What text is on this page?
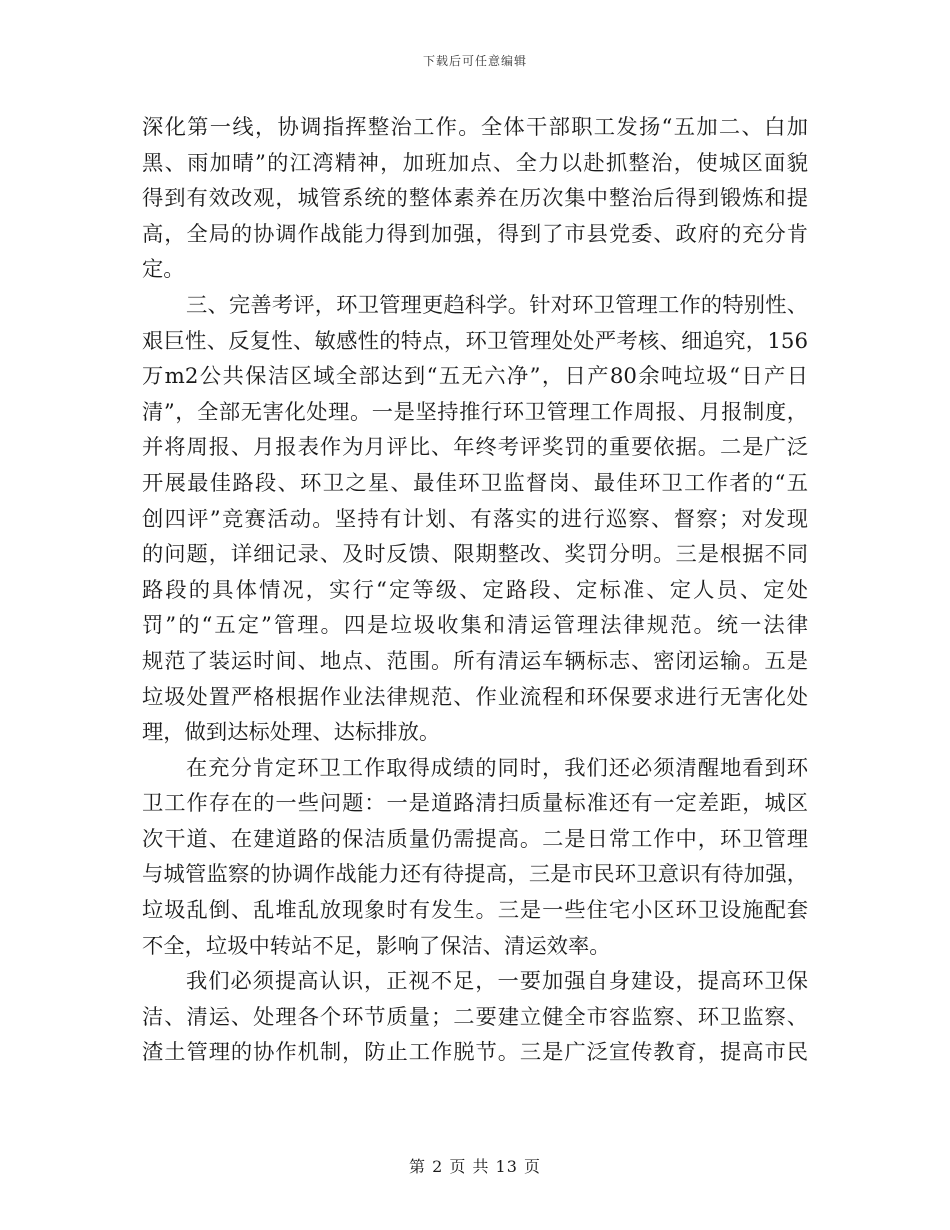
下载后可任意编辑
深化第一线，协调指挥整治工作。全体干部职工发扬“五加二、白加
黑、雨加晴”的江湾精神，加班加点、全力以赴抓整治，使城区面貌
得到有效改观，城管系统的整体素养在历次集中整治后得到锻炼和提
高，全局的协调作战能力得到加强，得到了市县党委、政府的充分肯
定。
三、完善考评，环卫管理更趋科学。针对环卫管理工作的特别性、
艰巨性、反复性、敏感性的特点，环卫管理处处严考核、细追究，156
万m2公共保洁区域全部达到“五无六净”，日产80余吨垃圾“日产日
清”，全部无害化处理。一是坚持推行环卫管理工作周报、月报制度，
并将周报、月报表作为月评比、年终考评奖罚的重要依据。二是广泛
开展最佳路段、环卫之星、最佳环卫监督岗、最佳环卫工作者的“五
创四评”竞赛活动。坚持有计划、有落实的进行巡察、督察；对发现
的问题，详细记录、及时反馈、限期整改、奖罚分明。三是根据不同
路段的具体情况，实行“定等级、定路段、定标准、定人员、定处
罚”的“五定”管理。四是垃圾收集和清运管理法律规范。统一法律
规范了装运时间、地点、范围。所有清运车辆标志、密闭运输。五是
垃圾处置严格根据作业法律规范、作业流程和环保要求进行无害化处
理，做到达标处理、达标排放。
在充分肯定环卫工作取得成绩的同时，我们还必须清醒地看到环
卫工作存在的一些问题：一是道路清扫质量标准还有一定差距，城区
次干道、在建道路的保洁质量仍需提高。二是日常工作中，环卫管理
与城管监察的协调作战能力还有待提高，三是市民环卫意识有待加强，
垃圾乱倒、乱堆乱放现象时有发生。三是一些住宅小区环卫设施配套
不全，垃圾中转站不足，影响了保洁、清运效率。
我们必须提高认识，正视不足，一要加强自身建设，提高环卫保
洁、清运、处理各个环节质量；二要建立健全市容监察、环卫监察、
渣土管理的协作机制，防止工作脱节。三是广泛宣传教育，提高市民
第 2 页 共 13 页
